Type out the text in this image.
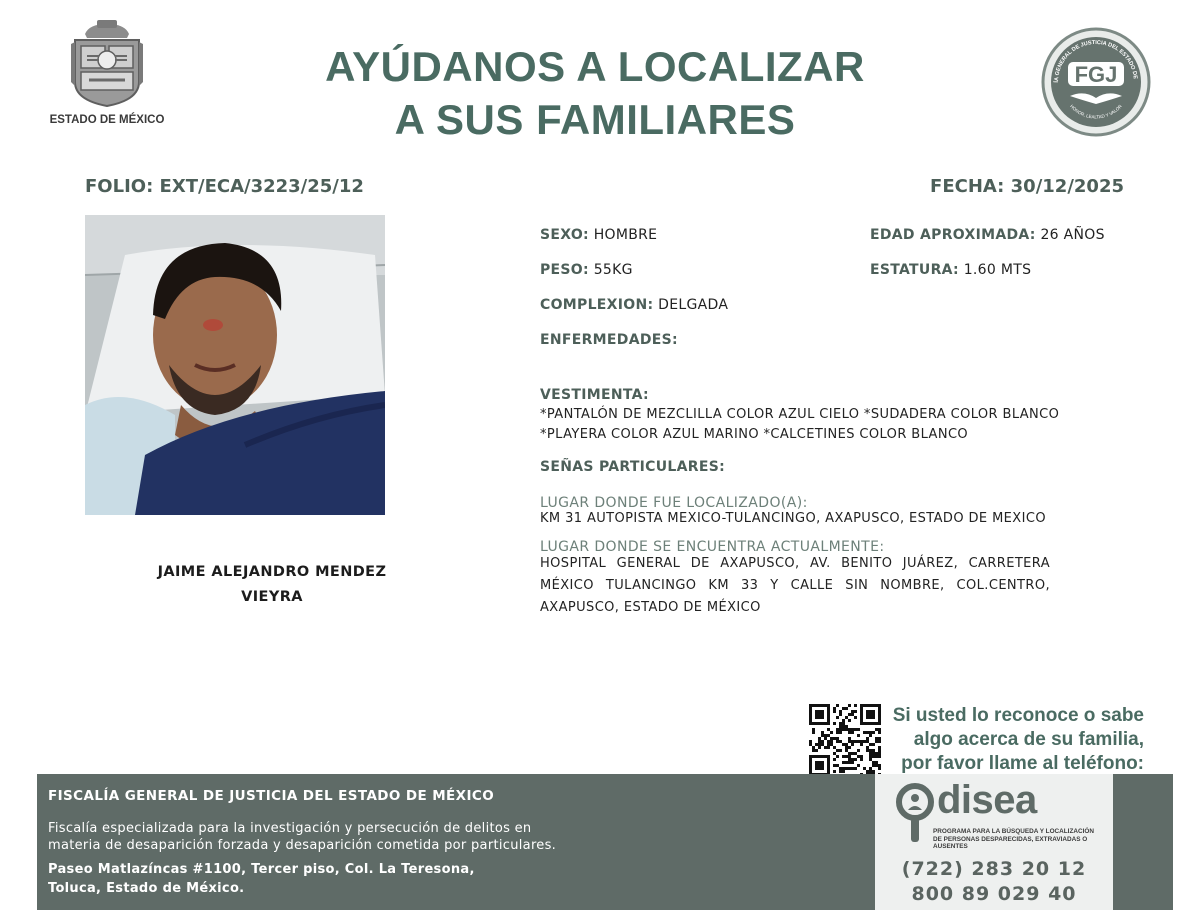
ESTADO DE MÉXICO
AYÚDANOS A LOCALIZAR
A SUS FAMILIARES
ÍA GENERAL DE JUSTICIA DEL ESTADO DE
FGJ
HONOR, LEALTAD Y VALOR
FOLIO: EXT/ECA/3223/25/12	FECHA: 30/12/2025
JAIME ALEJANDRO MENDEZ
VIEYRA
SEXO: HOMBRE	EDAD APROXIMADA: 26 AÑOS
PESO: 55KG	ESTATURA: 1.60 MTS
COMPLEXION: DELGADA
ENFERMEDADES:
VESTIMENTA:
*PANTALÓN DE MEZCLILLA COLOR AZUL CIELO *SUDADERA COLOR BLANCO
*PLAYERA COLOR AZUL MARINO *CALCETINES COLOR BLANCO
SEÑAS PARTICULARES:
LUGAR DONDE FUE LOCALIZADO(A):
KM 31 AUTOPISTA MEXICO-TULANCINGO, AXAPUSCO, ESTADO DE MEXICO
LUGAR DONDE SE ENCUENTRA ACTUALMENTE:
HOSPITAL GENERAL DE AXAPUSCO, AV. BENITO JUÁREZ, CARRETERA
MÉXICO TULANCINGO KM 33 Y CALLE SIN NOMBRE, COL.CENTRO,
AXAPUSCO, ESTADO DE MÉXICO
Si usted lo reconoce o sabe
algo acerca de su familia,
por favor llame al teléfono:
FISCALÍA GENERAL DE JUSTICIA DEL ESTADO DE MÉXICO
Fiscalía especializada para la investigación y persecución de delitos en
materia de desaparición forzada y desaparición cometida por particulares.
Paseo Matlazíncas #1100, Tercer piso, Col. La Teresona,
Toluca, Estado de México.
disea
PROGRAMA PARA LA BÚSQUEDA Y LOCALIZACIÓN DE PERSONAS DESPARECIDAS, EXTRAVIADAS O AUSENTES
(722) 283 20 12
800 89 029 40
